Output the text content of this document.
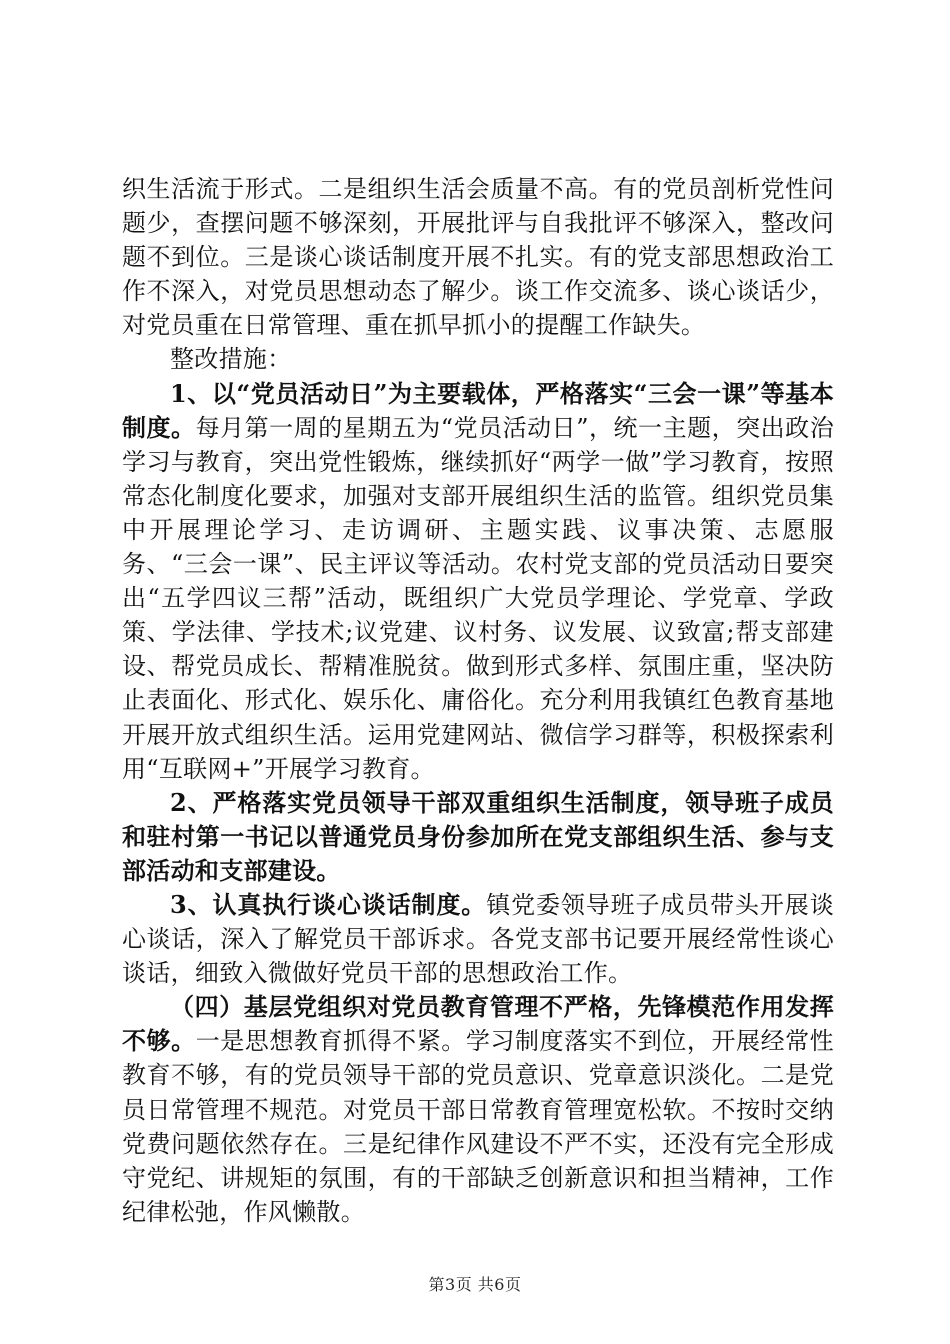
织生活流于形式。二是组织生活会质量不高。有的党员剖析党性问题少，查摆问题不够深刻，开展批评与自我批评不够深入，整改问题不到位。三是谈心谈话制度开展不扎实。有的党支部思想政治工作不深入，对党员思想动态了解少。谈工作交流多、谈心谈话少，对党员重在日常管理、重在抓早抓小的提醒工作缺失。

整改措施：

1、以“党员活动日”为主要载体，严格落实“三会一课”等基本制度。每月第一周的星期五为“党员活动日”，统一主题，突出政治学习与教育，突出党性锻炼，继续抓好“两学一做”学习教育，按照常态化制度化要求，加强对支部开展组织生活的监管。组织党员集中开展理论学习、走访调研、主题实践、议事决策、志愿服务、“三会一课”、民主评议等活动。农村党支部的党员活动日要突出“五学四议三帮”活动，既组织广大党员学理论、学党章、学政策、学法律、学技术;议党建、议村务、议发展、议致富;帮支部建设、帮党员成长、帮精准脱贫。做到形式多样、氛围庄重，坚决防止表面化、形式化、娱乐化、庸俗化。充分利用我镇红色教育基地开展开放式组织生活。运用党建网站、微信学习群等，积极探索利用“互联网+”开展学习教育。

2、严格落实党员领导干部双重组织生活制度，领导班子成员和驻村第一书记以普通党员身份参加所在党支部组织生活、参与支部活动和支部建设。

3、认真执行谈心谈话制度。镇党委领导班子成员带头开展谈心谈话，深入了解党员干部诉求。各党支部书记要开展经常性谈心谈话，细致入微做好党员干部的思想政治工作。

（四）基层党组织对党员教育管理不严格，先锋模范作用发挥不够。一是思想教育抓得不紧。学习制度落实不到位，开展经常性教育不够，有的党员领导干部的党员意识、党章意识淡化。二是党员日常管理不规范。对党员干部日常教育管理宽松软。不按时交纳党费问题依然存在。三是纪律作风建设不严不实，还没有完全形成守党纪、讲规矩的氛围，有的干部缺乏创新意识和担当精神，工作纪律松弛，作风懒散。

第3页 共6页
